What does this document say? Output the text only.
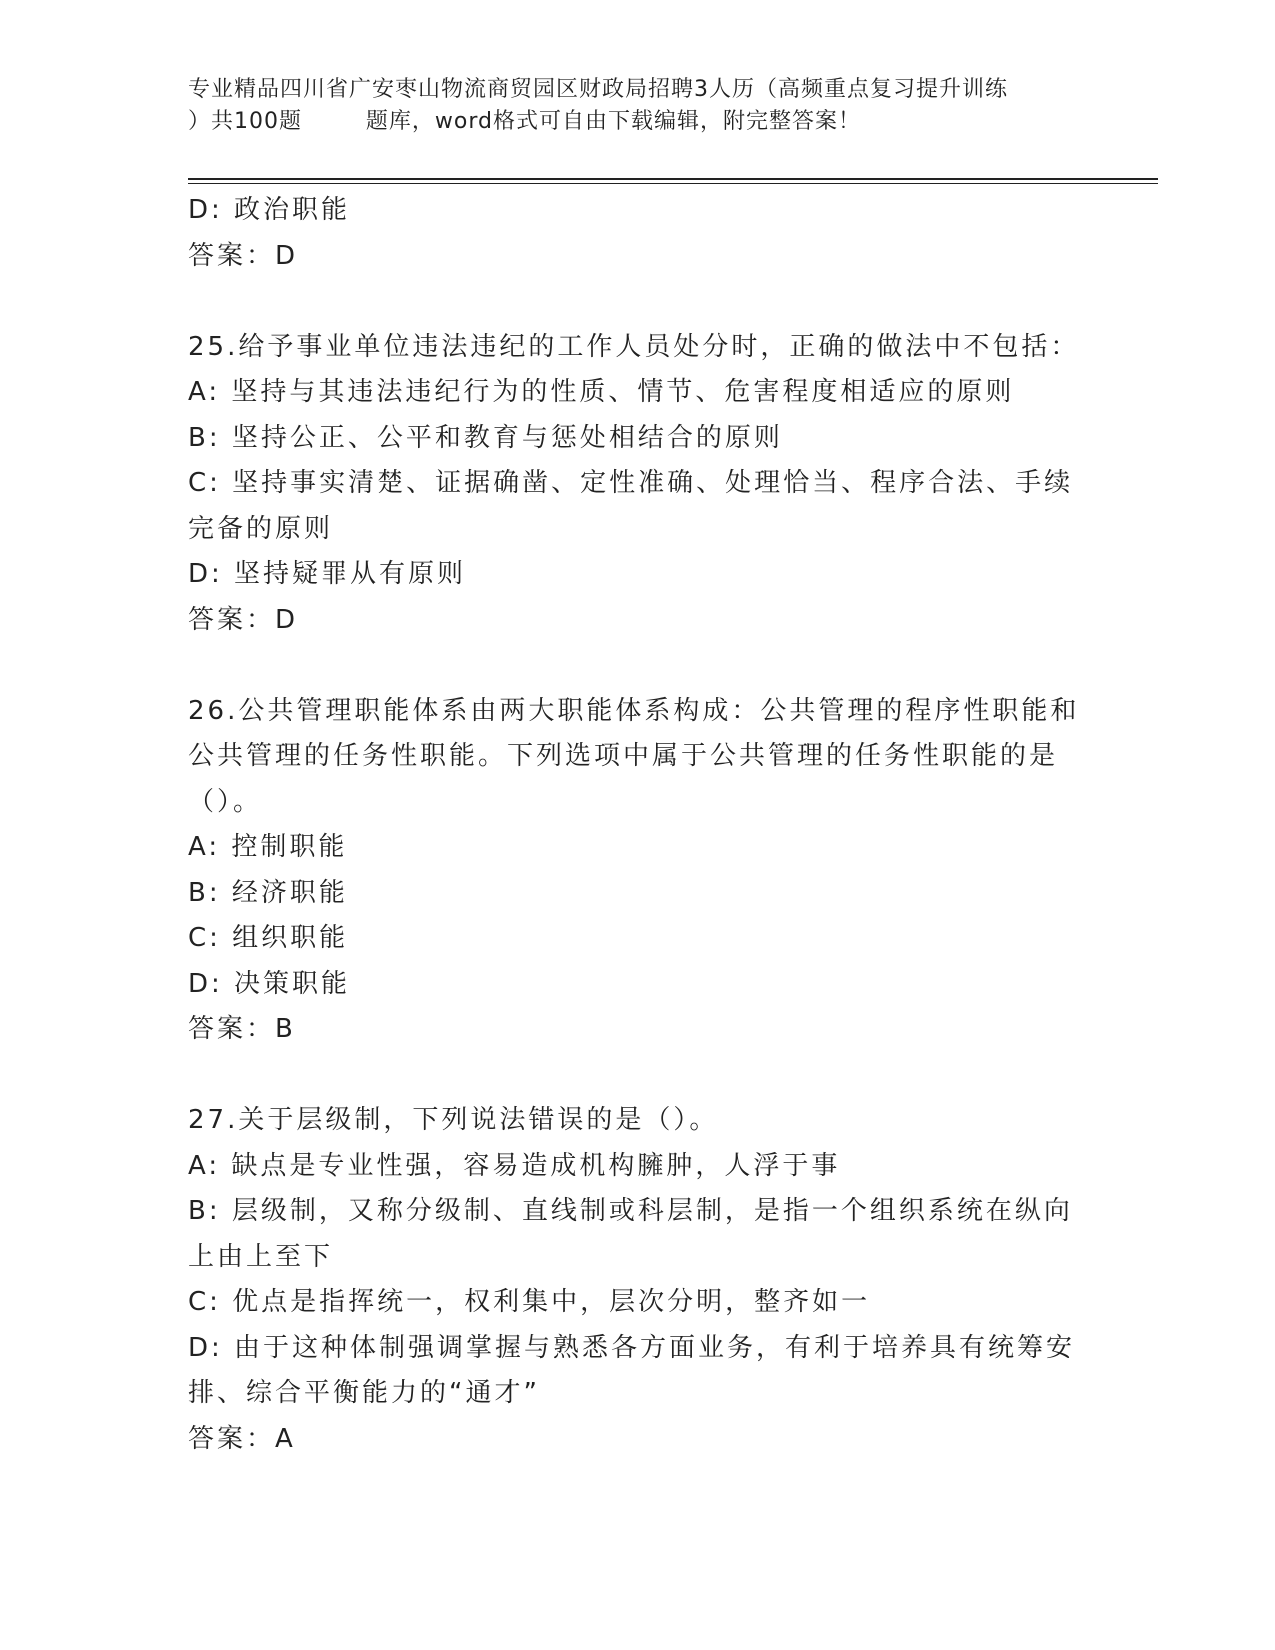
专业精品四川省广安枣山物流商贸园区财政局招聘3人历（高频重点复习提升训练
）共100题        题库，word格式可自由下载编辑，附完整答案！
D: 政治职能
答案：D
25.给予事业单位违法违纪的工作人员处分时，正确的做法中不包括：
A: 坚持与其违法违纪行为的性质、情节、危害程度相适应的原则
B: 坚持公正、公平和教育与惩处相结合的原则
C: 坚持事实清楚、证据确凿、定性准确、处理恰当、程序合法、手续
完备的原则
D: 坚持疑罪从有原则
答案：D
26.公共管理职能体系由两大职能体系构成：公共管理的程序性职能和
公共管理的任务性职能。下列选项中属于公共管理的任务性职能的是
（）。
A: 控制职能
B: 经济职能
C: 组织职能
D: 决策职能
答案：B
27.关于层级制，下列说法错误的是（）。
A: 缺点是专业性强，容易造成机构臃肿，人浮于事
B: 层级制，又称分级制、直线制或科层制，是指一个组织系统在纵向
上由上至下
C: 优点是指挥统一，权利集中，层次分明，整齐如一
D: 由于这种体制强调掌握与熟悉各方面业务，有利于培养具有统筹安
排、综合平衡能力的“通才”
答案：A
